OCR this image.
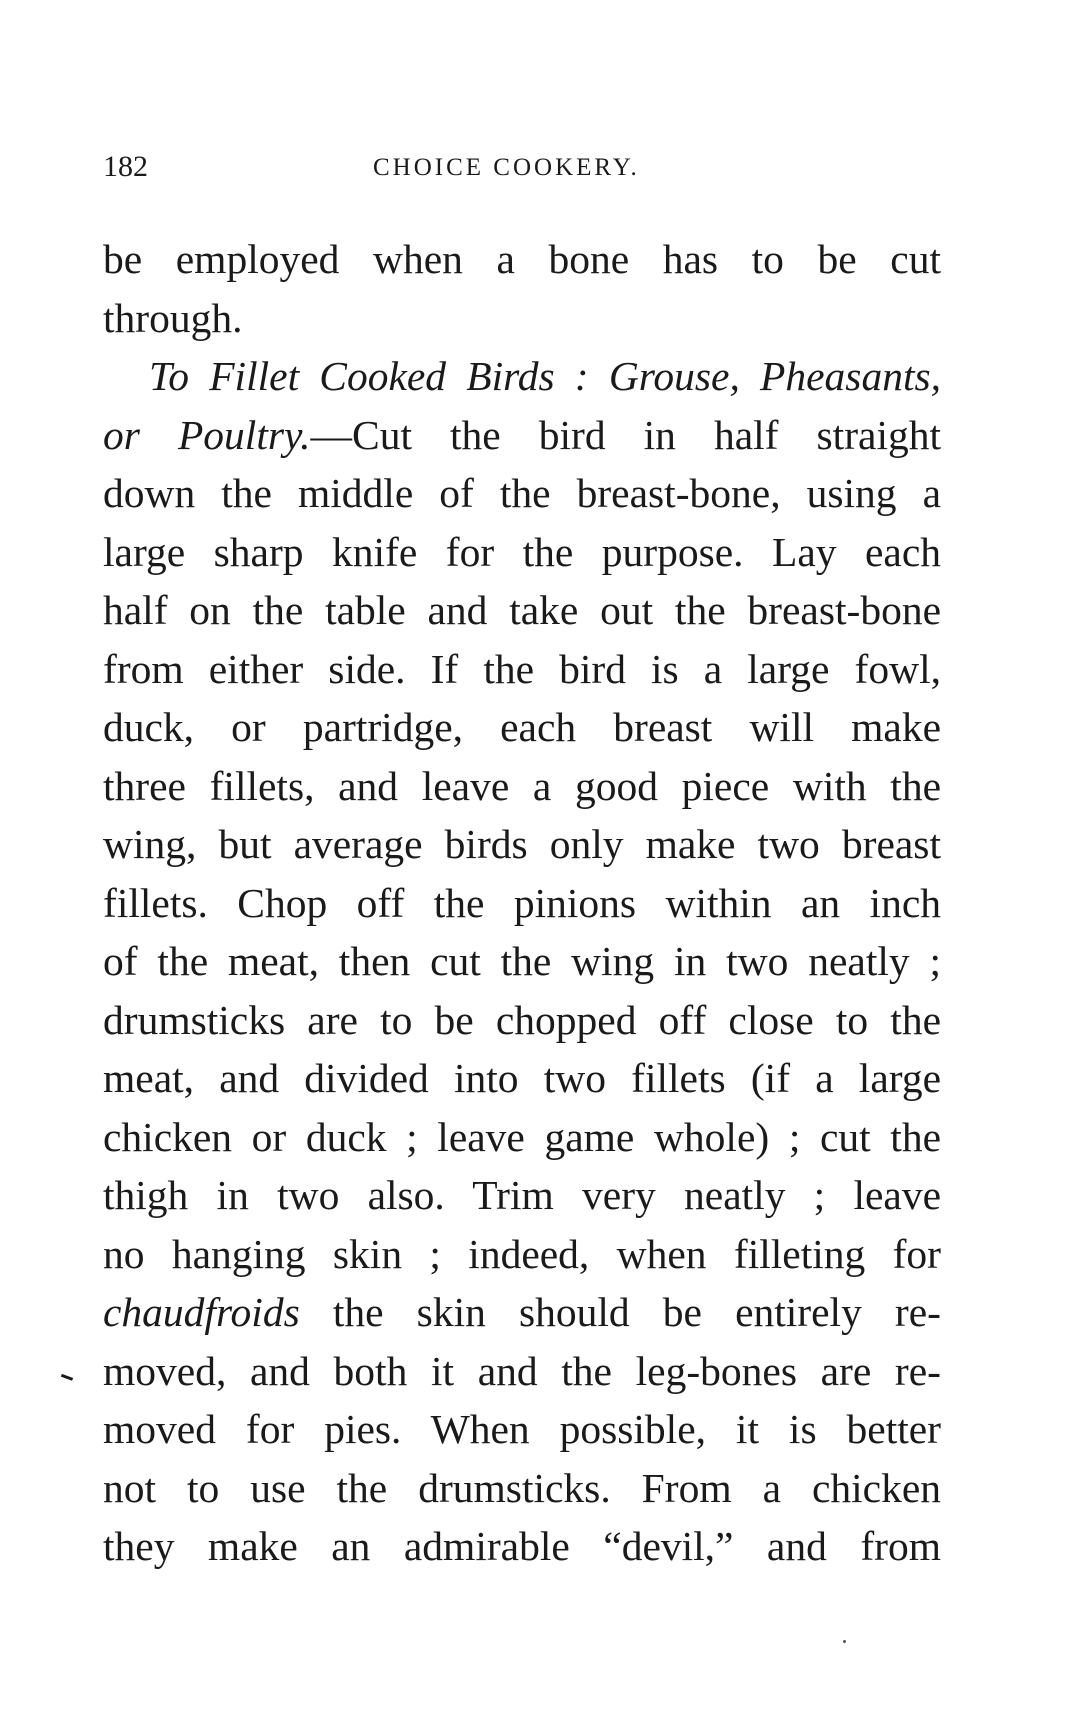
182	CHOICE COOKERY.
be employed when a bone has to be cut
through.
To Fillet Cooked Birds : Grouse, Pheasants,
or Poultry.—Cut the bird in half straight
down the middle of the breast-bone, using a
large sharp knife for the purpose. Lay each
half on the table and take out the breast-bone
from either side. If the bird is a large fowl,
duck, or partridge, each breast will make
three fillets, and leave a good piece with the
wing, but average birds only make two breast
fillets. Chop off the pinions within an inch
of the meat, then cut the wing in two neatly ;
drumsticks are to be chopped off close to the
meat, and divided into two fillets (if a large
chicken or duck ; leave game whole) ; cut the
thigh in two also. Trim very neatly ; leave
no hanging skin ; indeed, when filleting for
chaudfroids the skin should be entirely re-
moved, and both it and the leg-bones are re-
moved for pies. When possible, it is better
not to use the drumsticks. From a chicken
they make an admirable “devil,” and from
